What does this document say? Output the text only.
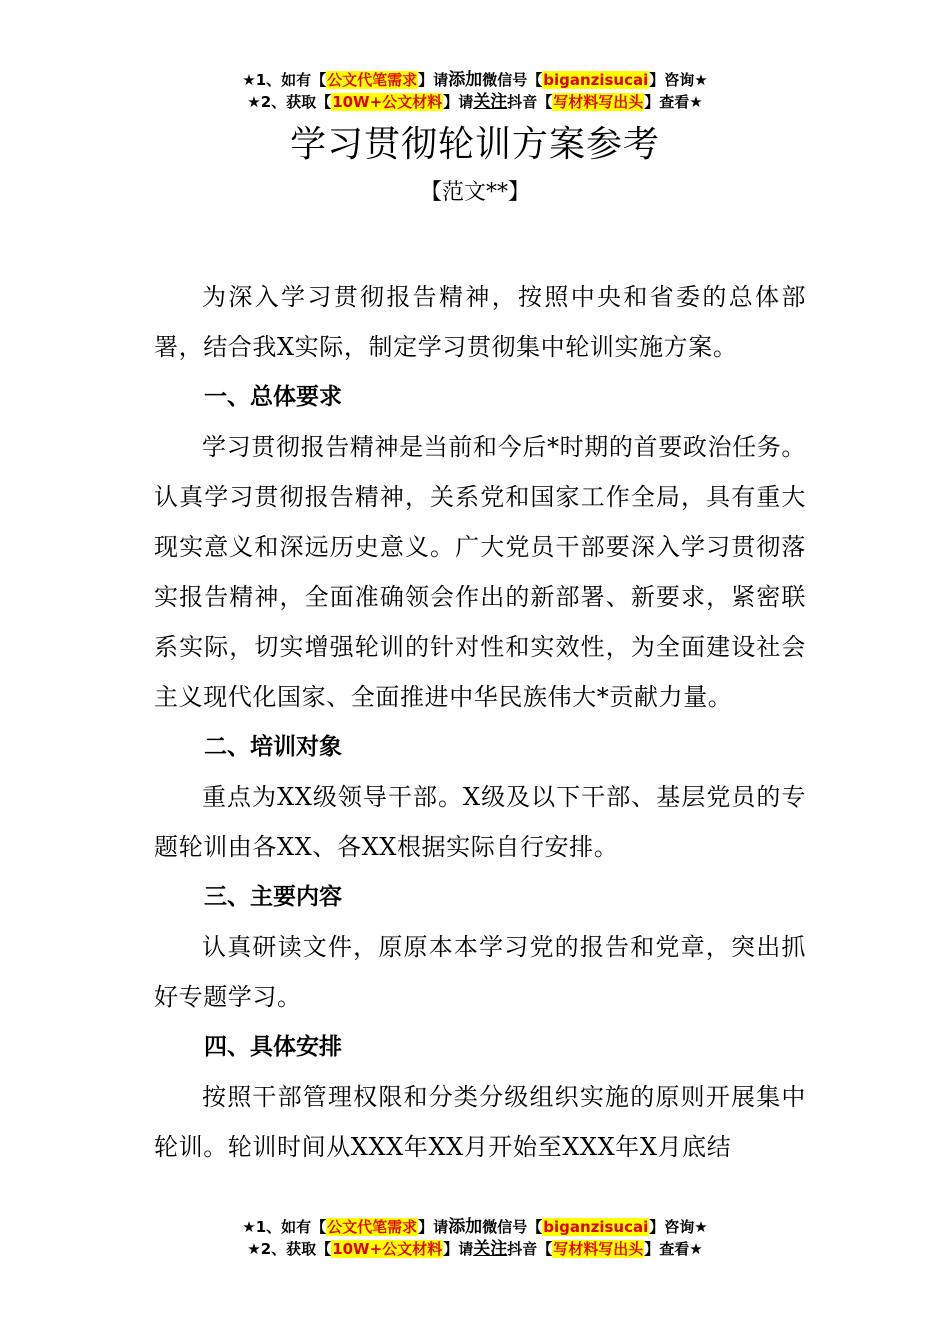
★1、如有【公文代笔需求】请添加微信号【biganzisucai】咨询★
★2、获取【10W+公文材料】请关注抖音【写材料写出头】查看★
学习贯彻轮训方案参考
【范文**】

为深入学习贯彻报告精神，按照中央和省委的总体部署，结合我X实际，制定学习贯彻集中轮训实施方案。

一、总体要求

学习贯彻报告精神是当前和今后*时期的首要政治任务。认真学习贯彻报告精神，关系党和国家工作全局，具有重大现实意义和深远历史意义。广大党员干部要深入学习贯彻落实报告精神，全面准确领会作出的新部署、新要求，紧密联系实际，切实增强轮训的针对性和实效性，为全面建设社会主义现代化国家、全面推进中华民族伟大*贡献力量。

二、培训对象

重点为XX级领导干部。X级及以下干部、基层党员的专题轮训由各XX、各XX根据实际自行安排。

三、主要内容

认真研读文件，原原本本学习党的报告和党章，突出抓好专题学习。

四、具体安排

按照干部管理权限和分类分级组织实施的原则开展集中轮训。轮训时间从XXX年XX月开始至XXX年X月底结

★1、如有【公文代笔需求】请添加微信号【biganzisucai】咨询★
★2、获取【10W+公文材料】请关注抖音【写材料写出头】查看★
